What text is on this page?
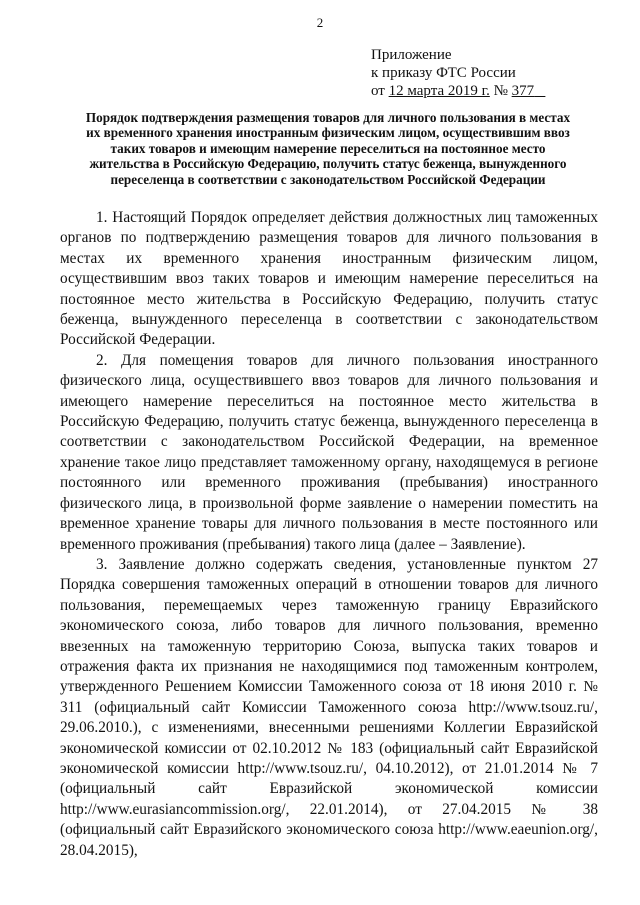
2
Приложение
к приказу ФТС России
от 12 марта 2019 г. № 377
Порядок подтверждения размещения товаров для личного пользования в местах
их временного хранения иностранным физическим лицом, осуществившим ввоз
таких товаров и имеющим намерение переселиться на постоянное место
жительства в Российскую Федерацию, получить статус беженца, вынужденного
переселенца в соответствии с законодательством Российской Федерации

1. Настоящий Порядок определяет действия должностных лиц таможенных органов по подтверждению размещения товаров для личного пользования в местах их временного хранения иностранным физическим лицом, осуществившим ввоз таких товаров и имеющим намерение переселиться на постоянное место жительства в Российскую Федерацию, получить статус беженца, вынужденного переселенца в соответствии с законодательством Российской Федерации.

2. Для помещения товаров для личного пользования иностранного физического лица, осуществившего ввоз товаров для личного пользования и имеющего намерение переселиться на постоянное место жительства в Российскую Федерацию, получить статус беженца, вынужденного переселенца в соответствии с законодательством Российской Федерации, на временное хранение такое лицо представляет таможенному органу, находящемуся в регионе постоянного или временного проживания (пребывания) иностранного физического лица, в произвольной форме заявление о намерении поместить на временное хранение товары для личного пользования в месте постоянного или временного проживания (пребывания) такого лица (далее – Заявление).

3. Заявление должно содержать сведения, установленные пунктом 27 Порядка совершения таможенных операций в отношении товаров для личного пользования, перемещаемых через таможенную границу Евразийского экономического союза, либо товаров для личного пользования, временно ввезенных на таможенную территорию Союза, выпуска таких товаров и отражения факта их признания не находящимися под таможенным контролем, утвержденного Решением Комиссии Таможенного союза от 18 июня 2010 г. № 311 (официальный сайт Комиссии Таможенного союза http://www.tsouz.ru/, 29.06.2010.), с изменениями, внесенными решениями Коллегии Евразийской экономической комиссии от 02.10.2012 № 183 (официальный сайт Евразийской экономической комиссии http://www.tsouz.ru/, 04.10.2012), от 21.01.2014 № 7 (официальный сайт Евразийской экономической комиссии http://www.eurasiancommission.org/, 22.01.2014), от 27.04.2015 № 38 (официальный сайт Евразийского экономического союза http://www.eaeunion.org/, 28.04.2015),
